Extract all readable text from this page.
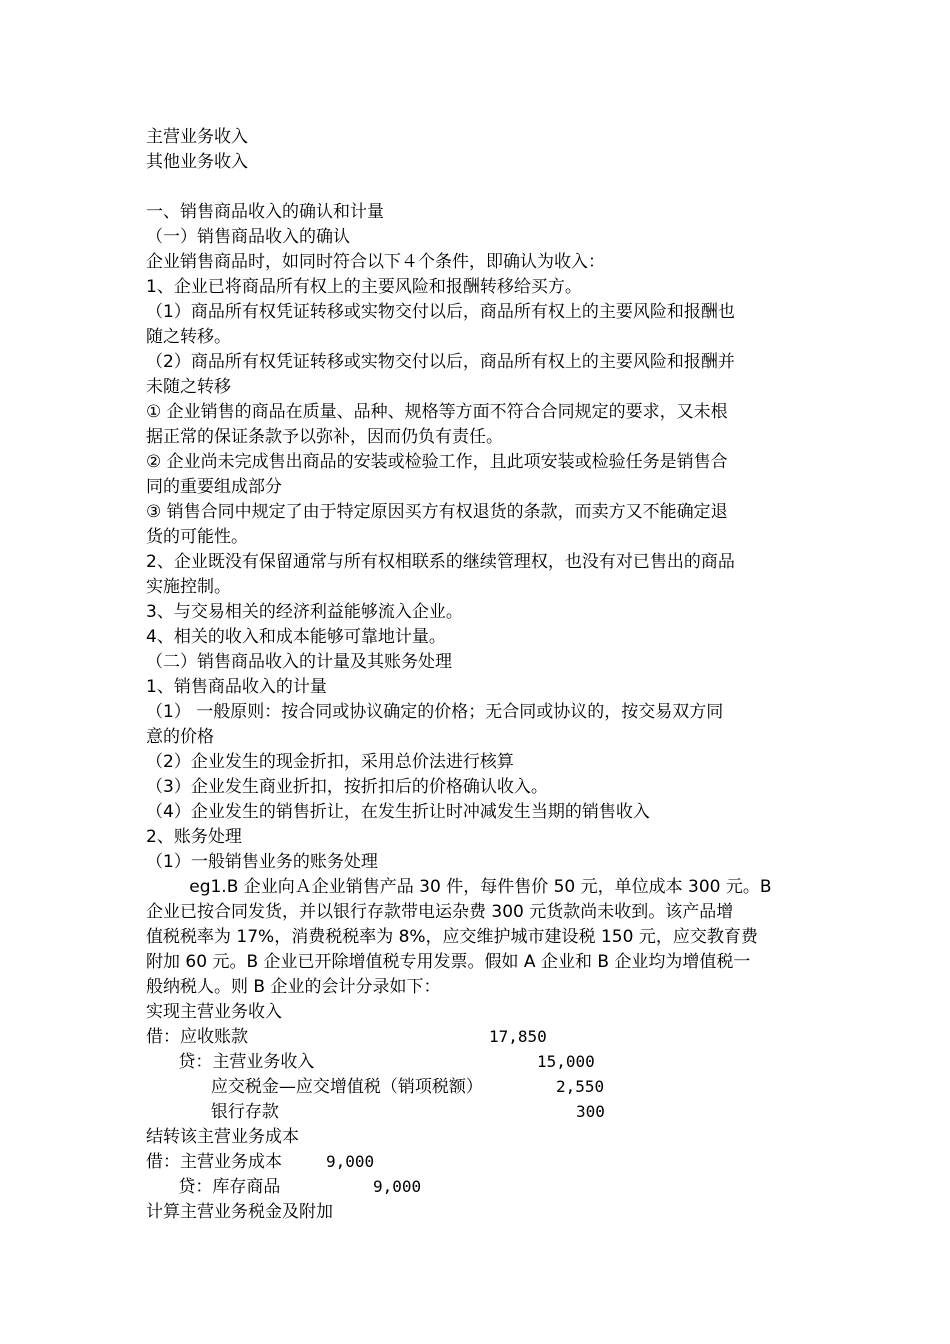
主营业务收入
其他业务收入
一、销售商品收入的确认和计量
（一）销售商品收入的确认
企业销售商品时，如同时符合以下４个条件，即确认为收入：
1、企业已将商品所有权上的主要风险和报酬转移给买方。
（1）商品所有权凭证转移或实物交付以后，商品所有权上的主要风险和报酬也
随之转移。
（2）商品所有权凭证转移或实物交付以后，商品所有权上的主要风险和报酬并
未随之转移
① 企业销售的商品在质量、品种、规格等方面不符合合同规定的要求，又未根
据正常的保证条款予以弥补，因而仍负有责任。
② 企业尚未完成售出商品的安装或检验工作，且此项安装或检验任务是销售合
同的重要组成部分
③ 销售合同中规定了由于特定原因买方有权退货的条款，而卖方又不能确定退
货的可能性。
2、企业既没有保留通常与所有权相联系的继续管理权，也没有对已售出的商品
实施控制。
3、与交易相关的经济利益能够流入企业。
4、相关的收入和成本能够可靠地计量。
（二）销售商品收入的计量及其账务处理
1、销售商品收入的计量
（1） 一般原则：按合同或协议确定的价格；无合同或协议的，按交易双方同
意的价格
（2）企业发生的现金折扣，采用总价法进行核算
（3）企业发生商业折扣，按折扣后的价格确认收入。
（4）企业发生的销售折让，在发生折让时冲减发生当期的销售收入
2、账务处理
（1）一般销售业务的账务处理
eg1.B 企业向Ａ企业销售产品 30 件，每件售价 50 元，单位成本 300 元。B
企业已按合同发货，并以银行存款带电运杂费 300 元货款尚未收到。该产品增
值税税率为 17%，消费税税率为 8%，应交维护城市建设税 150 元，应交教育费
附加 60 元。B 企业已开除增值税专用发票。假如 A 企业和 B 企业均为增值税一
般纳税人。则 B 企业的会计分录如下：
实现主营业务收入
借：应收账款	17,850
贷：主营业务收入	15,000
应交税金—应交增值税（销项税额）	2,550
银行存款	300
结转该主营业务成本
借：主营业务成本	9,000
贷：库存商品	9,000
计算主营业务税金及附加
